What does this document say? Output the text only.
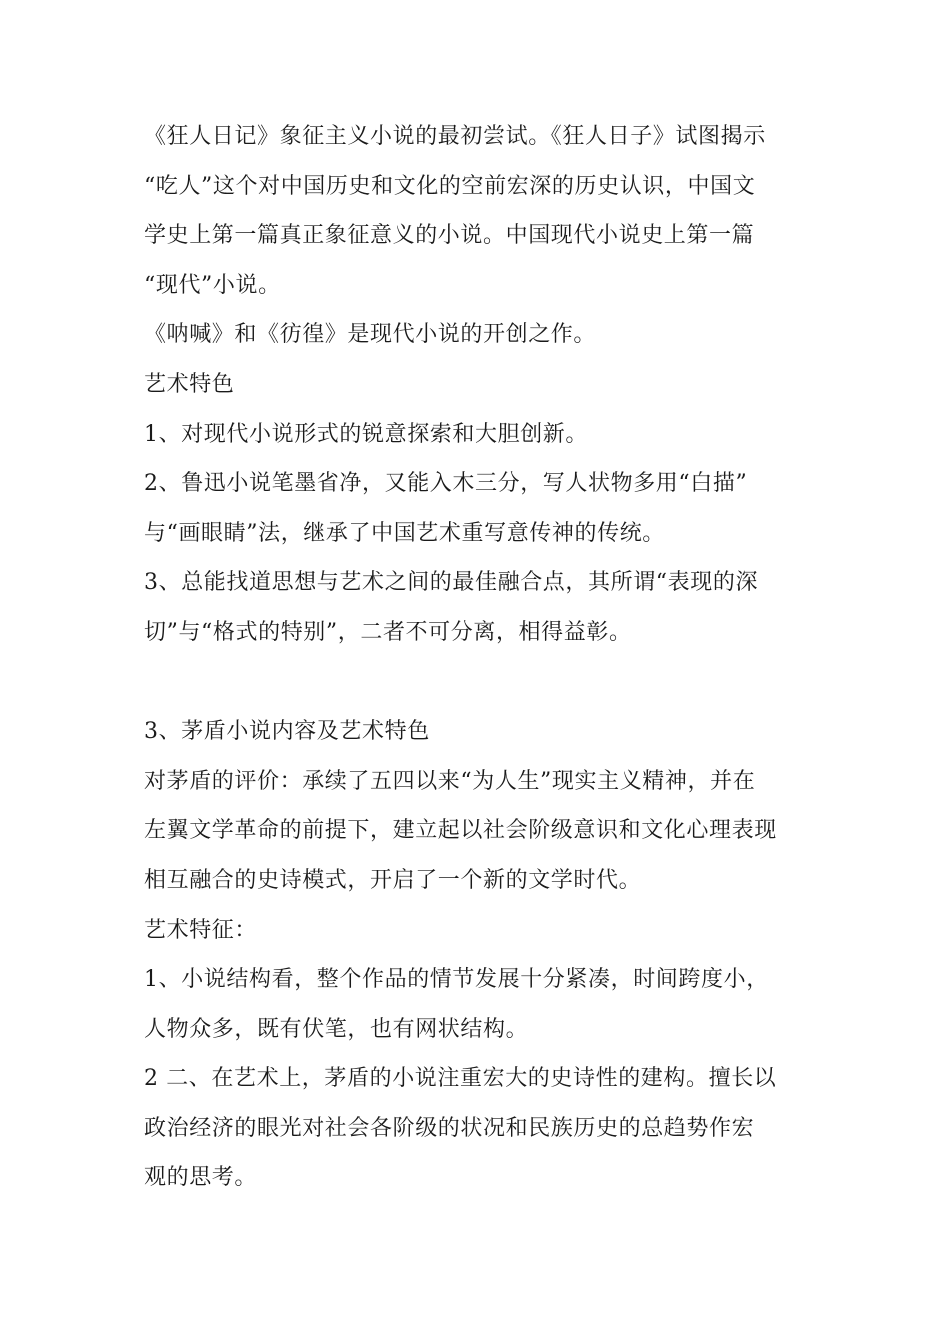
《狂人日记》象征主义小说的最初尝试。《狂人日子》试图揭示
“吃人”这个对中国历史和文化的空前宏深的历史认识，中国文
学史上第一篇真正象征意义的小说。中国现代小说史上第一篇
“现代”小说。
《呐喊》和《彷徨》是现代小说的开创之作。
艺术特色
1、对现代小说形式的锐意探索和大胆创新。
2、鲁迅小说笔墨省净，又能入木三分，写人状物多用“白描”
与“画眼睛”法，继承了中国艺术重写意传神的传统。
3、总能找道思想与艺术之间的最佳融合点，其所谓“表现的深
切”与“格式的特别”，二者不可分离，相得益彰。
3、茅盾小说内容及艺术特色
对茅盾的评价：承续了五四以来“为人生”现实主义精神，并在
左翼文学革命的前提下，建立起以社会阶级意识和文化心理表现
相互融合的史诗模式，开启了一个新的文学时代。
艺术特征：
1、小说结构看，整个作品的情节发展十分紧凑，时间跨度小，
人物众多，既有伏笔，也有网状结构。
2 二、在艺术上，茅盾的小说注重宏大的史诗性的建构。擅长以
政治经济的眼光对社会各阶级的状况和民族历史的总趋势作宏
观的思考。
